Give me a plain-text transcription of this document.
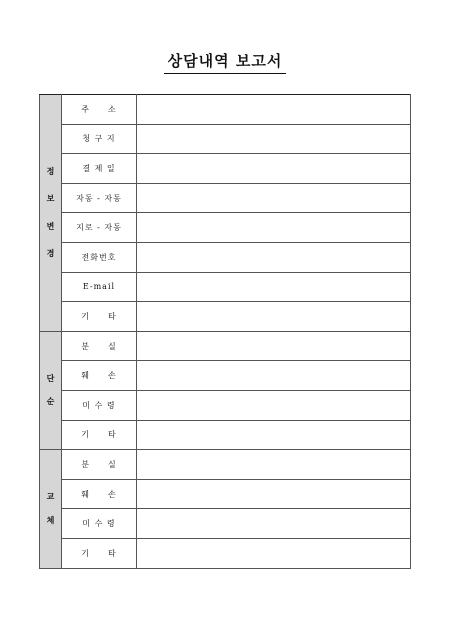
상담내역 보고서
정
보
변
경	주　　소	
	청 구 지	
	결 제 일	
	자동 - 자동	
	지로 - 자동	
	전화번호	
	E-mail	
	기　　타	

단
순	분　　실	
	훼　　손	
	미 수 령	
	기　　타	

교
체	분　　실	
	훼　　손	
	미 수 령	
	기　　타	
